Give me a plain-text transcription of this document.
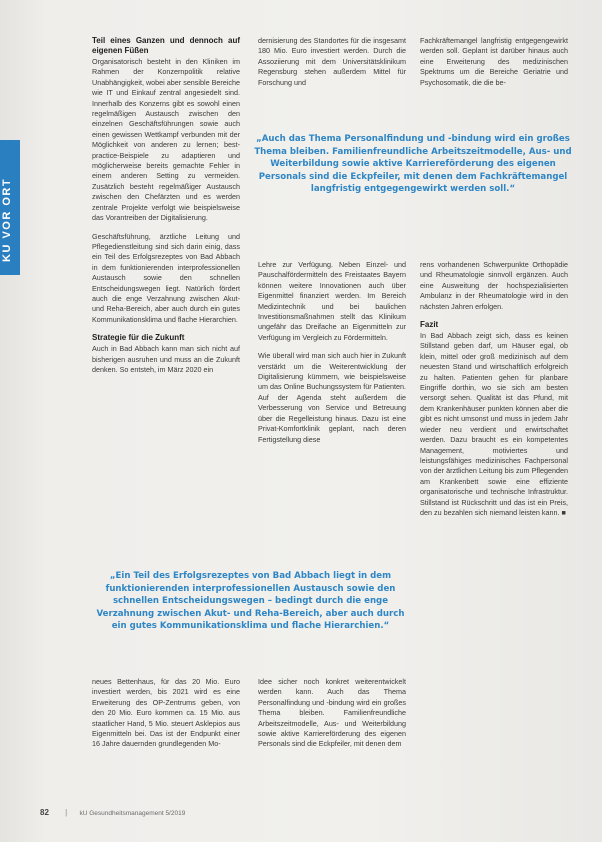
Teil eines Ganzen und dennoch auf eigenen Füßen

Organisatorisch besteht in den Kliniken im Rahmen der Konzernpolitik relative Unabhängigkeit, wobei aber sensible Bereiche wie IT und Einkauf zentral angesiedelt sind. Innerhalb des Konzerns gibt es sowohl einen regelmäßigen Austausch zwischen den einzelnen Geschäftsführungen sowie auch einen gewissen Wettkampf verbunden mit der Möglichkeit von anderen zu lernen; best-practice-Beispiele zu adaptieren und möglicherweise bereits gemachte Fehler in einem anderen Setting zu vermeiden. Zusätzlich besteht regelmäßiger Austausch zwischen den Chefärzten und es werden zentrale Projekte verfolgt wie beispielsweise das Vorantreiben der Digitalisierung.

Geschäftsführung, ärztliche Leitung und Pflegedienstleitung sind sich darin einig, dass ein Teil des Erfolgsrezeptes von Bad Abbach in dem funktionierenden interprofessionellen Austausch sowie den schnellen Entscheidungswegen liegt. Natürlich fördert auch die enge Verzahnung zwischen Akut- und Reha-Bereich, aber auch durch ein gutes Kommunikationsklima und flache Hierarchien.

Strategie für die Zukunft

Auch in Bad Abbach kann man sich nicht auf bisherigen ausruhen und muss an die Zukunft denken. So entsteh, im März 2020 ein

dernisierung des Standortes für die insgesamt 180 Mio. Euro investiert werden. Durch die Assoziierung mit dem Universitätsklinikum Regensburg stehen außerdem Mittel für Forschung und

Fachkräftemangel langfristig entgegengewirkt werden soll. Geplant ist darüber hinaus auch eine Erweiterung des medizinischen Spektrums um die Bereiche Geriatrie und Psychosomatik, die die be-

„Auch das Thema Personalfindung und -bindung wird ein großes Thema bleiben. Familienfreundliche Arbeitszeitmodelle, Aus- und Weiterbildung sowie aktive Karriereförderung des eigenen Personals sind die Eckpfeiler, mit denen dem Fachkräftemangel langfristig entgegengewirkt werden soll.“

Lehre zur Verfügung. Neben Einzel- und Pauschalfördermitteln des Freistaates Bayern können weitere Innovationen auch über Eigenmittel finanziert werden. Im Bereich Medizintechnik und bei baulichen Investitionsmaßnahmen stellt das Klinikum ungefähr das Dreifache an Eigenmitteln zur Verfügung im Vergleich zu Fördermitteln.

Wie überall wird man sich auch hier in Zukunft verstärkt um die Weiterentwicklung der Digitalisierung kümmern, wie beispielsweise um das Online Buchungssystem für Patienten. Auf der Agenda steht außerdem die Verbesserung von Service und Betreuung über die Regelleistung hinaus. Dazu ist eine Privat-Komfortklinik geplant, nach deren Fertigstellung diese

rens vorhandenen Schwerpunkte Orthopädie und Rheumatologie sinnvoll ergänzen. Auch eine Ausweitung der hochspezialisierten Ambulanz in der Rheumatologie wird in den nächsten Jahren erfolgen.

Fazit

In Bad Abbach zeigt sich, dass es keinen Stillstand geben darf, um Häuser egal, ob klein, mittel oder groß medizinisch auf dem neuesten Stand und wirtschaftlich erfolgreich zu halten. Patienten gehen für planbare Eingriffe dorthin, wo sie sich am besten versorgt sehen. Qualität ist das Pfund, mit dem Krankenhäuser punkten können aber die gibt es nicht umsonst und muss in jedem Jahr wieder neu verdient und erwirtschaftet werden. Dazu braucht es ein kompetentes Management, motiviertes und leistungsfähiges medizinisches Fachpersonal von der ärztlichen Leitung bis zum Pflegenden am Krankenbett sowie eine effiziente organisatorische und technische Infrastruktur. Stillstand ist Rückschritt und das ist ein Preis, den zu bezahlen sich niemand leisten kann. ■

„Ein Teil des Erfolgsrezeptes von Bad Abbach liegt in dem funktionierenden interprofessionellen Austausch sowie den schnellen Entscheidungswegen – bedingt durch die enge Verzahnung zwischen Akut- und Reha-Bereich, aber auch durch ein gutes Kommunikationsklima und flache Hierarchien.“

neues Bettenhaus, für das 20 Mio. Euro investiert werden, bis 2021 wird es eine Erweiterung des OP-Zentrums geben, von den 20 Mio. Euro kommen ca. 15 Mio. aus staatlicher Hand, 5 Mio. steuert Asklepios aus Eigenmitteln bei. Das ist der Endpunkt einer 16 Jahre dauernden grundlegenden Mo-

Idee sicher noch konkret weiterentwickelt werden kann. Auch das Thema Personalfindung und -bindung wird ein großes Thema bleiben. Familienfreundliche Arbeitszeitmodelle, Aus- und Weiterbildung sowie aktive Karriereförderung des eigenen Personals sind die Eckpfeiler, mit denen dem

82 | kU Gesundheitsmanagement 5/2019
